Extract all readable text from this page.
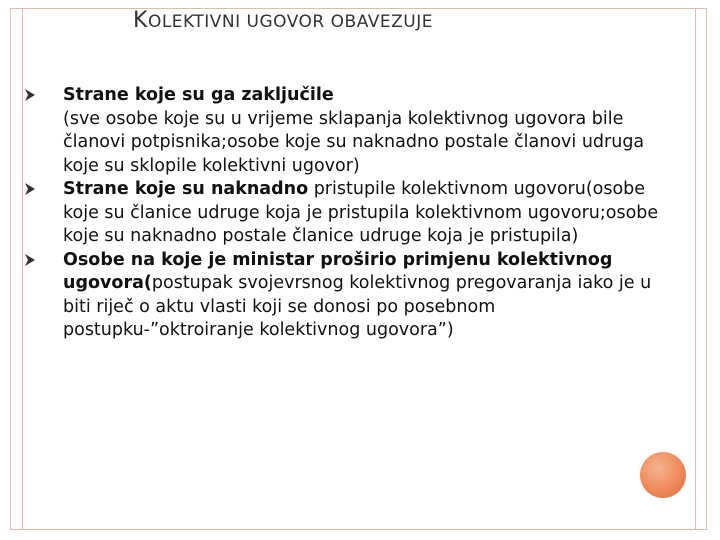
KOLEKTIVNI UGOVOR OBAVEZUJE

Strane koje su ga zaključile
(sve osobe koje su u vrijeme sklapanja kolektivnog ugovora bile članovi potpisnika;osobe koje su naknadno postale članovi udruga koje su sklopile kolektivni ugovor)

Strane koje su naknadno pristupile kolektivnom ugovoru(osobe koje su članice udruge koja je pristupila kolektivnom ugovoru;osobe koje su naknadno postale članice udruge koja je pristupila)

Osobe na koje je ministar proširio primjenu kolektivnog ugovora(postupak svojevrsnog kolektivnog pregovaranja iako je u biti riječ o aktu vlasti koji se donosi po posebnom postupku-”oktroiranje kolektivnog ugovora”)
